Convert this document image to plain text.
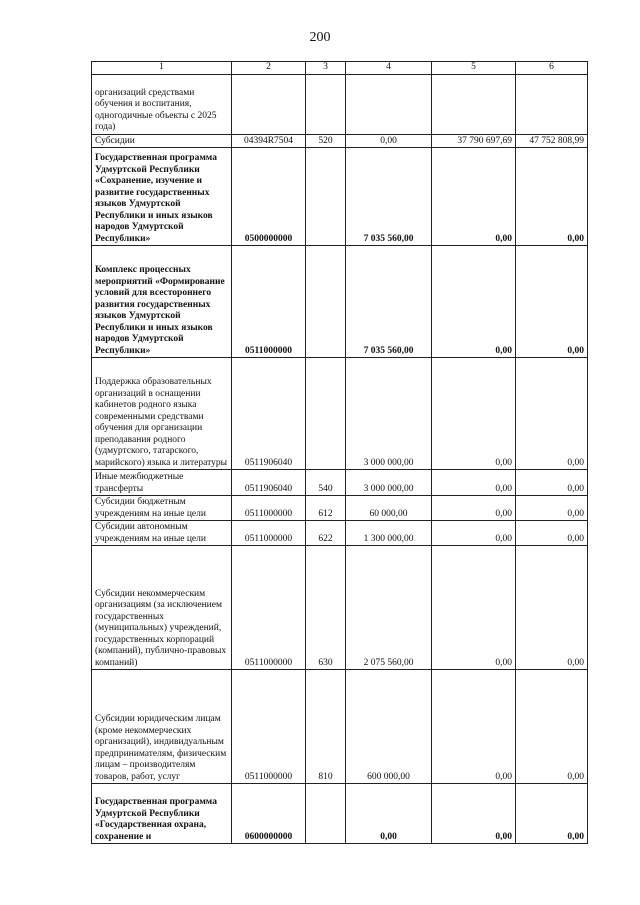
200
1	2	3	4	5	6
организаций средствами обучения и воспитания, одногодичные объекты с 2025 года)					
Субсидии	04394R7504	520	0,00	37 790 697,69	47 752 808,99
Государственная программа Удмуртской Республики «Сохранение, изучение и развитие государственных языков Удмуртской Республики и иных языков народов Удмуртской Республики»	0500000000		7 035 560,00	0,00	0,00
Комплекс процессных мероприятий «Формирование условий для всестороннего развития государственных языков Удмуртской Республики и иных языков народов Удмуртской Республики»	0511000000		7 035 560,00	0,00	0,00
Поддержка образовательных организаций в оснащении кабинетов родного языка современными средствами обучения для организации преподавания родного (удмуртского, татарского, марийского) языка и литературы	0511906040		3 000 000,00	0,00	0,00
Иные межбюджетные трансферты	0511906040	540	3 000 000,00	0,00	0,00
Субсидии бюджетным учреждениям на иные цели	0511000000	612	60 000,00	0,00	0,00
Субсидии автономным учреждениям на иные цели	0511000000	622	1 300 000,00	0,00	0,00
Субсидии некоммерческим организациям (за исключением государственных (муниципальных) учреждений, государственных корпораций (компаний), публично-правовых компаний)	0511000000	630	2 075 560,00	0,00	0,00
Субсидии юридическим лицам (кроме некоммерческих организаций), индивидуальным предпринимателям, физическим лицам – производителям товаров, работ, услуг	0511000000	810	600 000,00	0,00	0,00
Государственная программа Удмуртской Республики «Государственная охрана, сохранение и	0600000000		0,00	0,00	0,00
